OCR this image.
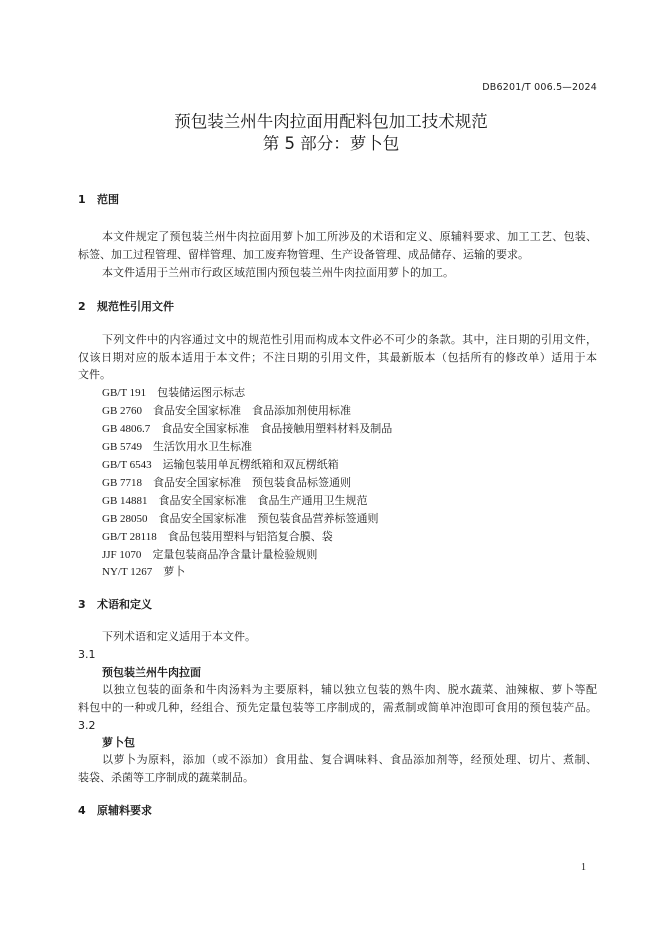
DB6201/T 006.5—2024
预包装兰州牛肉拉面用配料包加工技术规范
第 5 部分：萝卜包
1 范围
本文件规定了预包装兰州牛肉拉面用萝卜加工所涉及的术语和定义、原辅料要求、加工工艺、包装、
标签、加工过程管理、留样管理、加工废弃物管理、生产设备管理、成品储存、运输的要求。
本文件适用于兰州市行政区域范围内预包装兰州牛肉拉面用萝卜的加工。
2 规范性引用文件
下列文件中的内容通过文中的规范性引用而构成本文件必不可少的条款。其中，注日期的引用文件，
仅该日期对应的版本适用于本文件；不注日期的引用文件，其最新版本（包括所有的修改单）适用于本
文件。
GB/T 191 包装储运图示标志
GB 2760 食品安全国家标准　食品添加剂使用标准
GB 4806.7 食品安全国家标准　食品接触用塑料材料及制品
GB 5749 生活饮用水卫生标准
GB/T 6543 运输包装用单瓦楞纸箱和双瓦楞纸箱
GB 7718 食品安全国家标准　预包装食品标签通则
GB 14881 食品安全国家标准　食品生产通用卫生规范
GB 28050 食品安全国家标准　预包装食品营养标签通则
GB/T 28118 食品包装用塑料与铝箔复合膜、袋
JJF 1070 定量包装商品净含量计量检验规则
NY/T 1267 萝卜
3 术语和定义
下列术语和定义适用于本文件。
3.1
预包装兰州牛肉拉面
以独立包装的面条和牛肉汤料为主要原料，辅以独立包装的熟牛肉、脱水蔬菜、油辣椒、萝卜等配
料包中的一种或几种，经组合、预先定量包装等工序制成的，需煮制或简单冲泡即可食用的预包装产品。
3.2
萝卜包
以萝卜为原料，添加（或不添加）食用盐、复合调味料、食品添加剂等，经预处理、切片、煮制、
装袋、杀菌等工序制成的蔬菜制品。
4 原辅料要求
1
